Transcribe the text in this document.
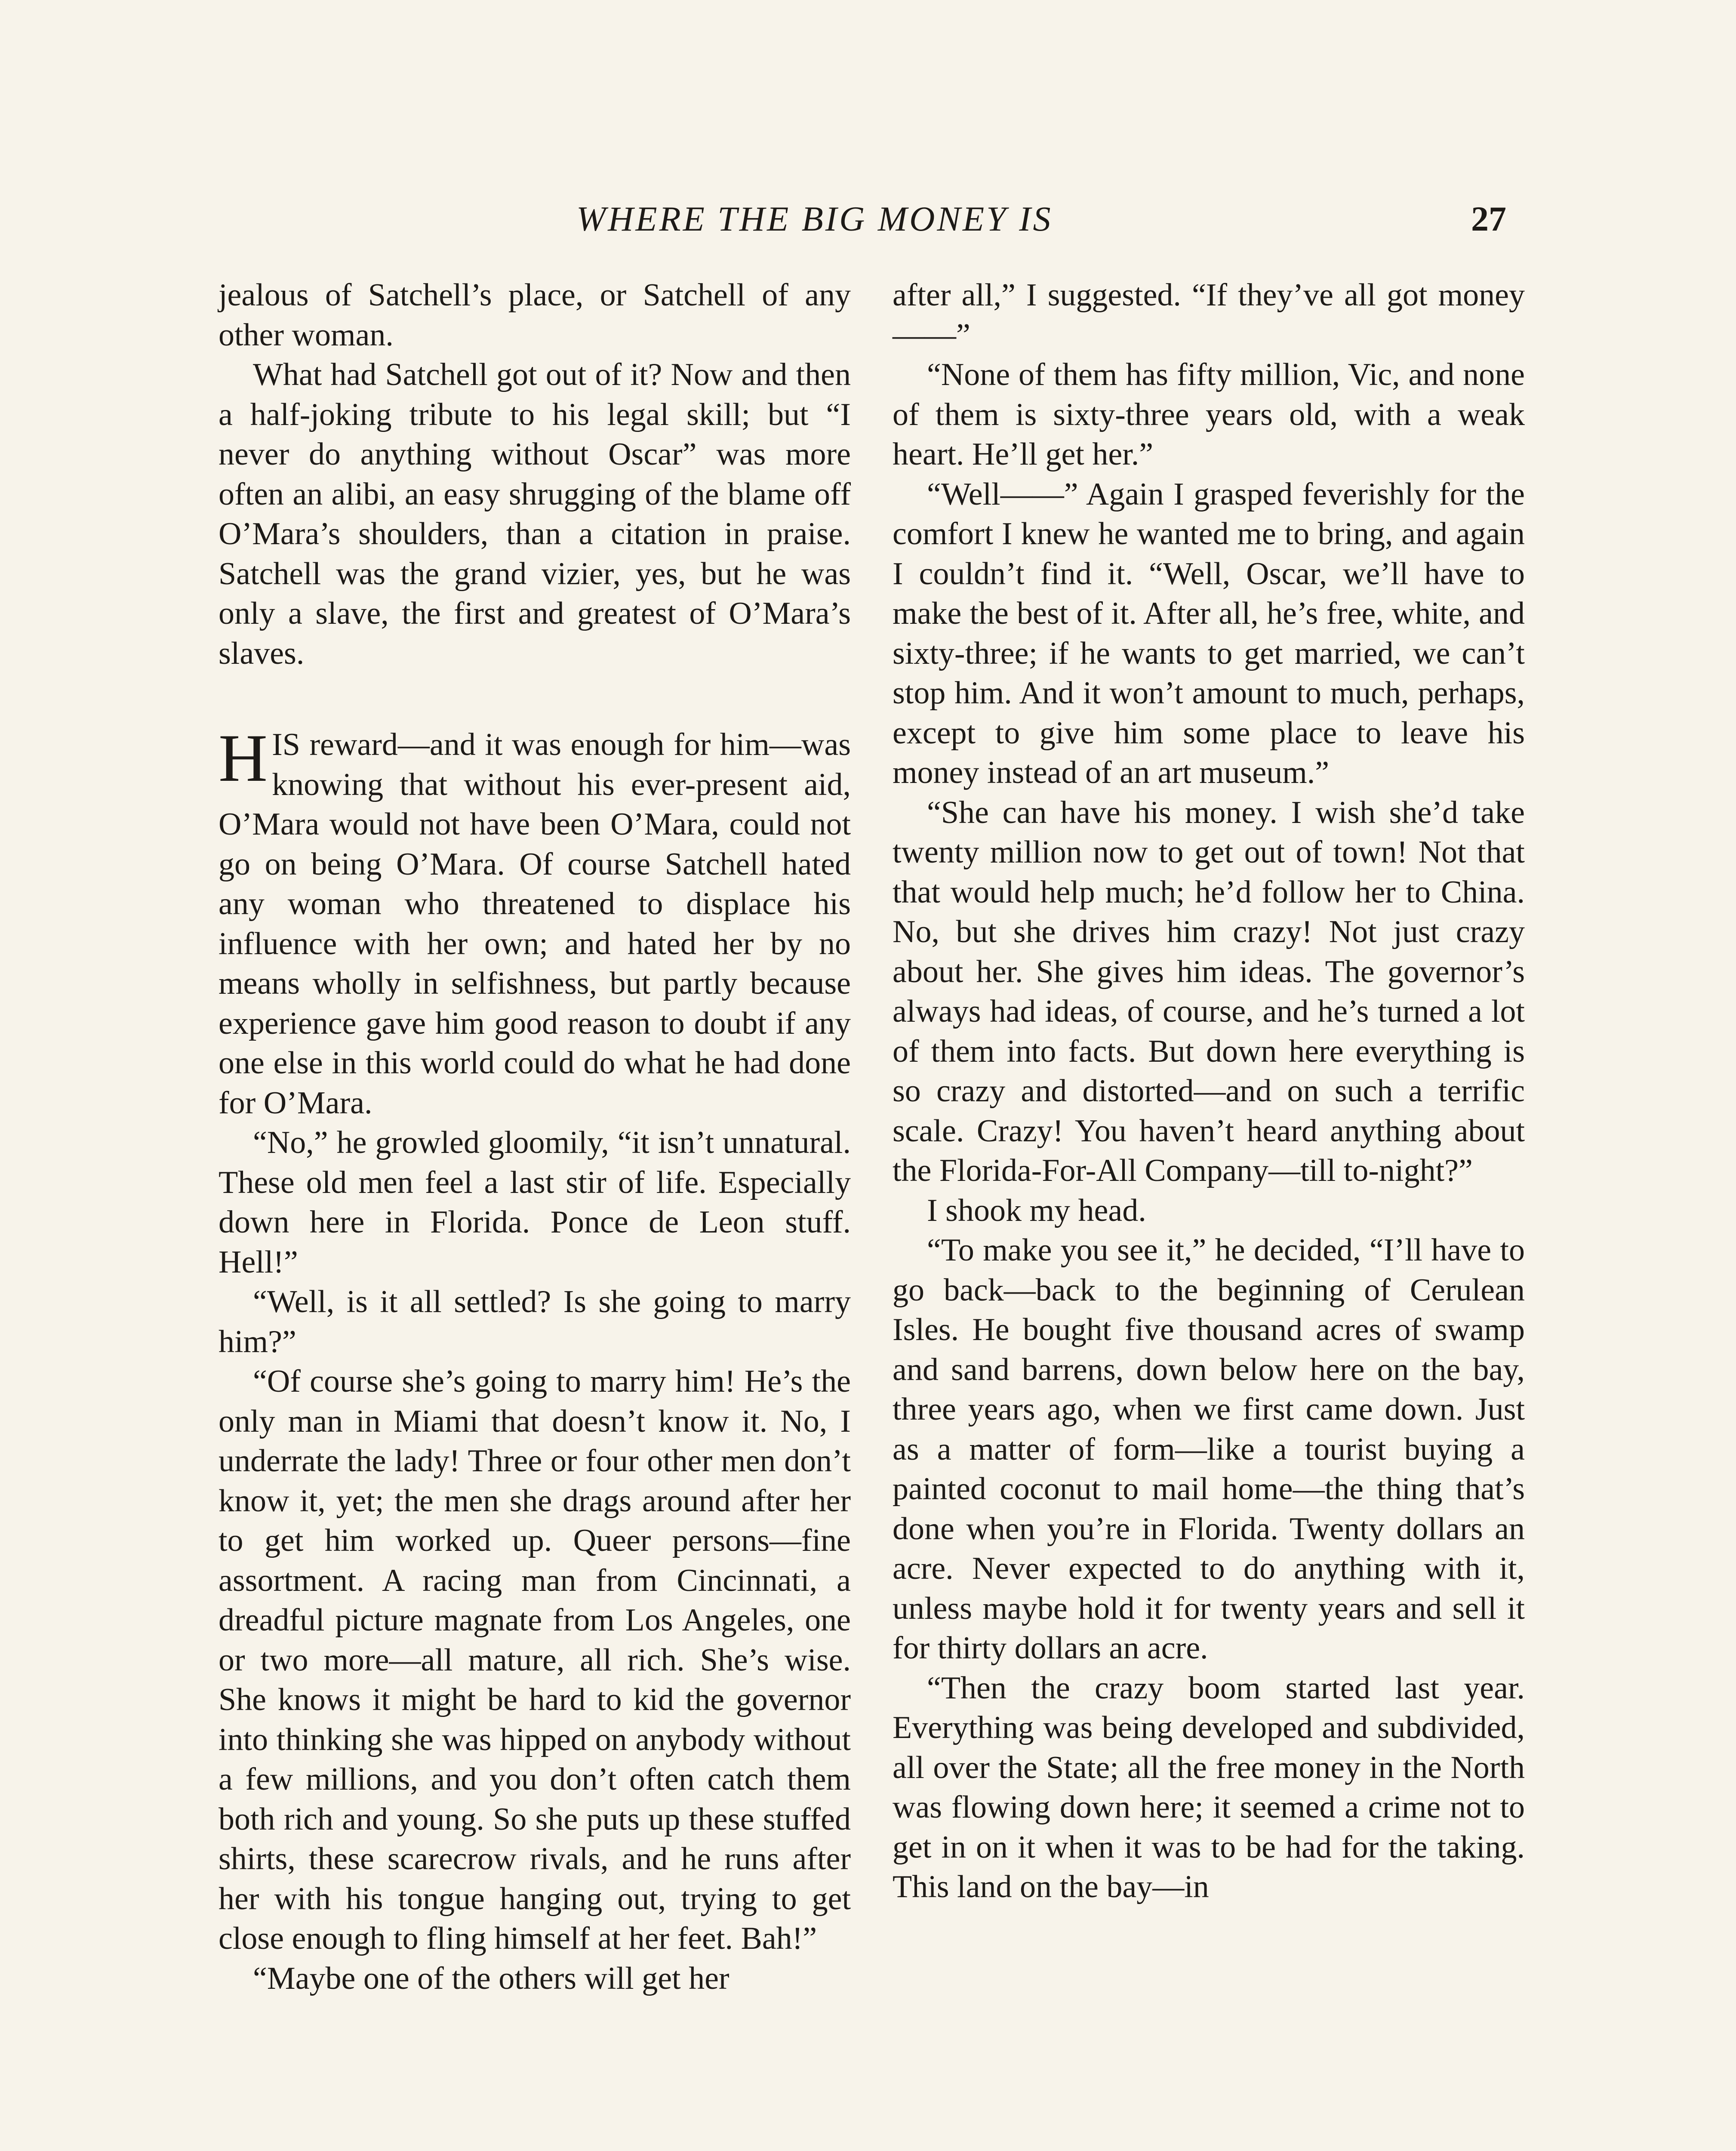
WHERE THE BIG MONEY IS	27

jealous of Satchell’s place, or Satchell of any other woman.

What had Satchell got out of it? Now and then a half-joking tribute to his legal skill; but “I never do anything without Oscar” was more often an alibi, an easy shrugging of the blame off O’Mara’s shoulders, than a citation in praise. Satchell was the grand vizier, yes, but he was only a slave, the first and greatest of O’Mara’s slaves.

HIS reward—and it was enough for him—was knowing that without his ever-present aid, O’Mara would not have been O’Mara, could not go on being O’Mara. Of course Satchell hated any woman who threatened to displace his influence with her own; and hated her by no means wholly in selfishness, but partly because experience gave him good reason to doubt if any one else in this world could do what he had done for O’Mara.

“No,” he growled gloomily, “it isn’t unnatural. These old men feel a last stir of life. Especially down here in Florida. Ponce de Leon stuff. Hell!”

“Well, is it all settled? Is she going to marry him?”

“Of course she’s going to marry him! He’s the only man in Miami that doesn’t know it. No, I underrate the lady! Three or four other men don’t know it, yet; the men she drags around after her to get him worked up. Queer persons—fine assortment. A racing man from Cincinnati, a dreadful picture magnate from Los Angeles, one or two more—all mature, all rich. She’s wise. She knows it might be hard to kid the governor into thinking she was hipped on anybody without a few millions, and you don’t often catch them both rich and young. So she puts up these stuffed shirts, these scarecrow rivals, and he runs after her with his tongue hanging out, trying to get close enough to fling himself at her feet. Bah!”

“Maybe one of the others will get her

after all,” I suggested. “If they’ve all got money——”

“None of them has fifty million, Vic, and none of them is sixty-three years old, with a weak heart. He’ll get her.”

“Well——” Again I grasped feverishly for the comfort I knew he wanted me to bring, and again I couldn’t find it. “Well, Oscar, we’ll have to make the best of it. After all, he’s free, white, and sixty-three; if he wants to get married, we can’t stop him. And it won’t amount to much, perhaps, except to give him some place to leave his money instead of an art museum.”

“She can have his money. I wish she’d take twenty million now to get out of town! Not that that would help much; he’d follow her to China. No, but she drives him crazy! Not just crazy about her. She gives him ideas. The governor’s always had ideas, of course, and he’s turned a lot of them into facts. But down here everything is so crazy and distorted—and on such a terrific scale. Crazy! You haven’t heard anything about the Florida-For-All Company—till to-night?”

I shook my head.

“To make you see it,” he decided, “I’ll have to go back—back to the beginning of Cerulean Isles. He bought five thousand acres of swamp and sand barrens, down below here on the bay, three years ago, when we first came down. Just as a matter of form—like a tourist buying a painted coconut to mail home—the thing that’s done when you’re in Florida. Twenty dollars an acre. Never expected to do anything with it, unless maybe hold it for twenty years and sell it for thirty dollars an acre.

“Then the crazy boom started last year. Everything was being developed and subdivided, all over the State; all the free money in the North was flowing down here; it seemed a crime not to get in on it when it was to be had for the taking. This land on the bay—in
